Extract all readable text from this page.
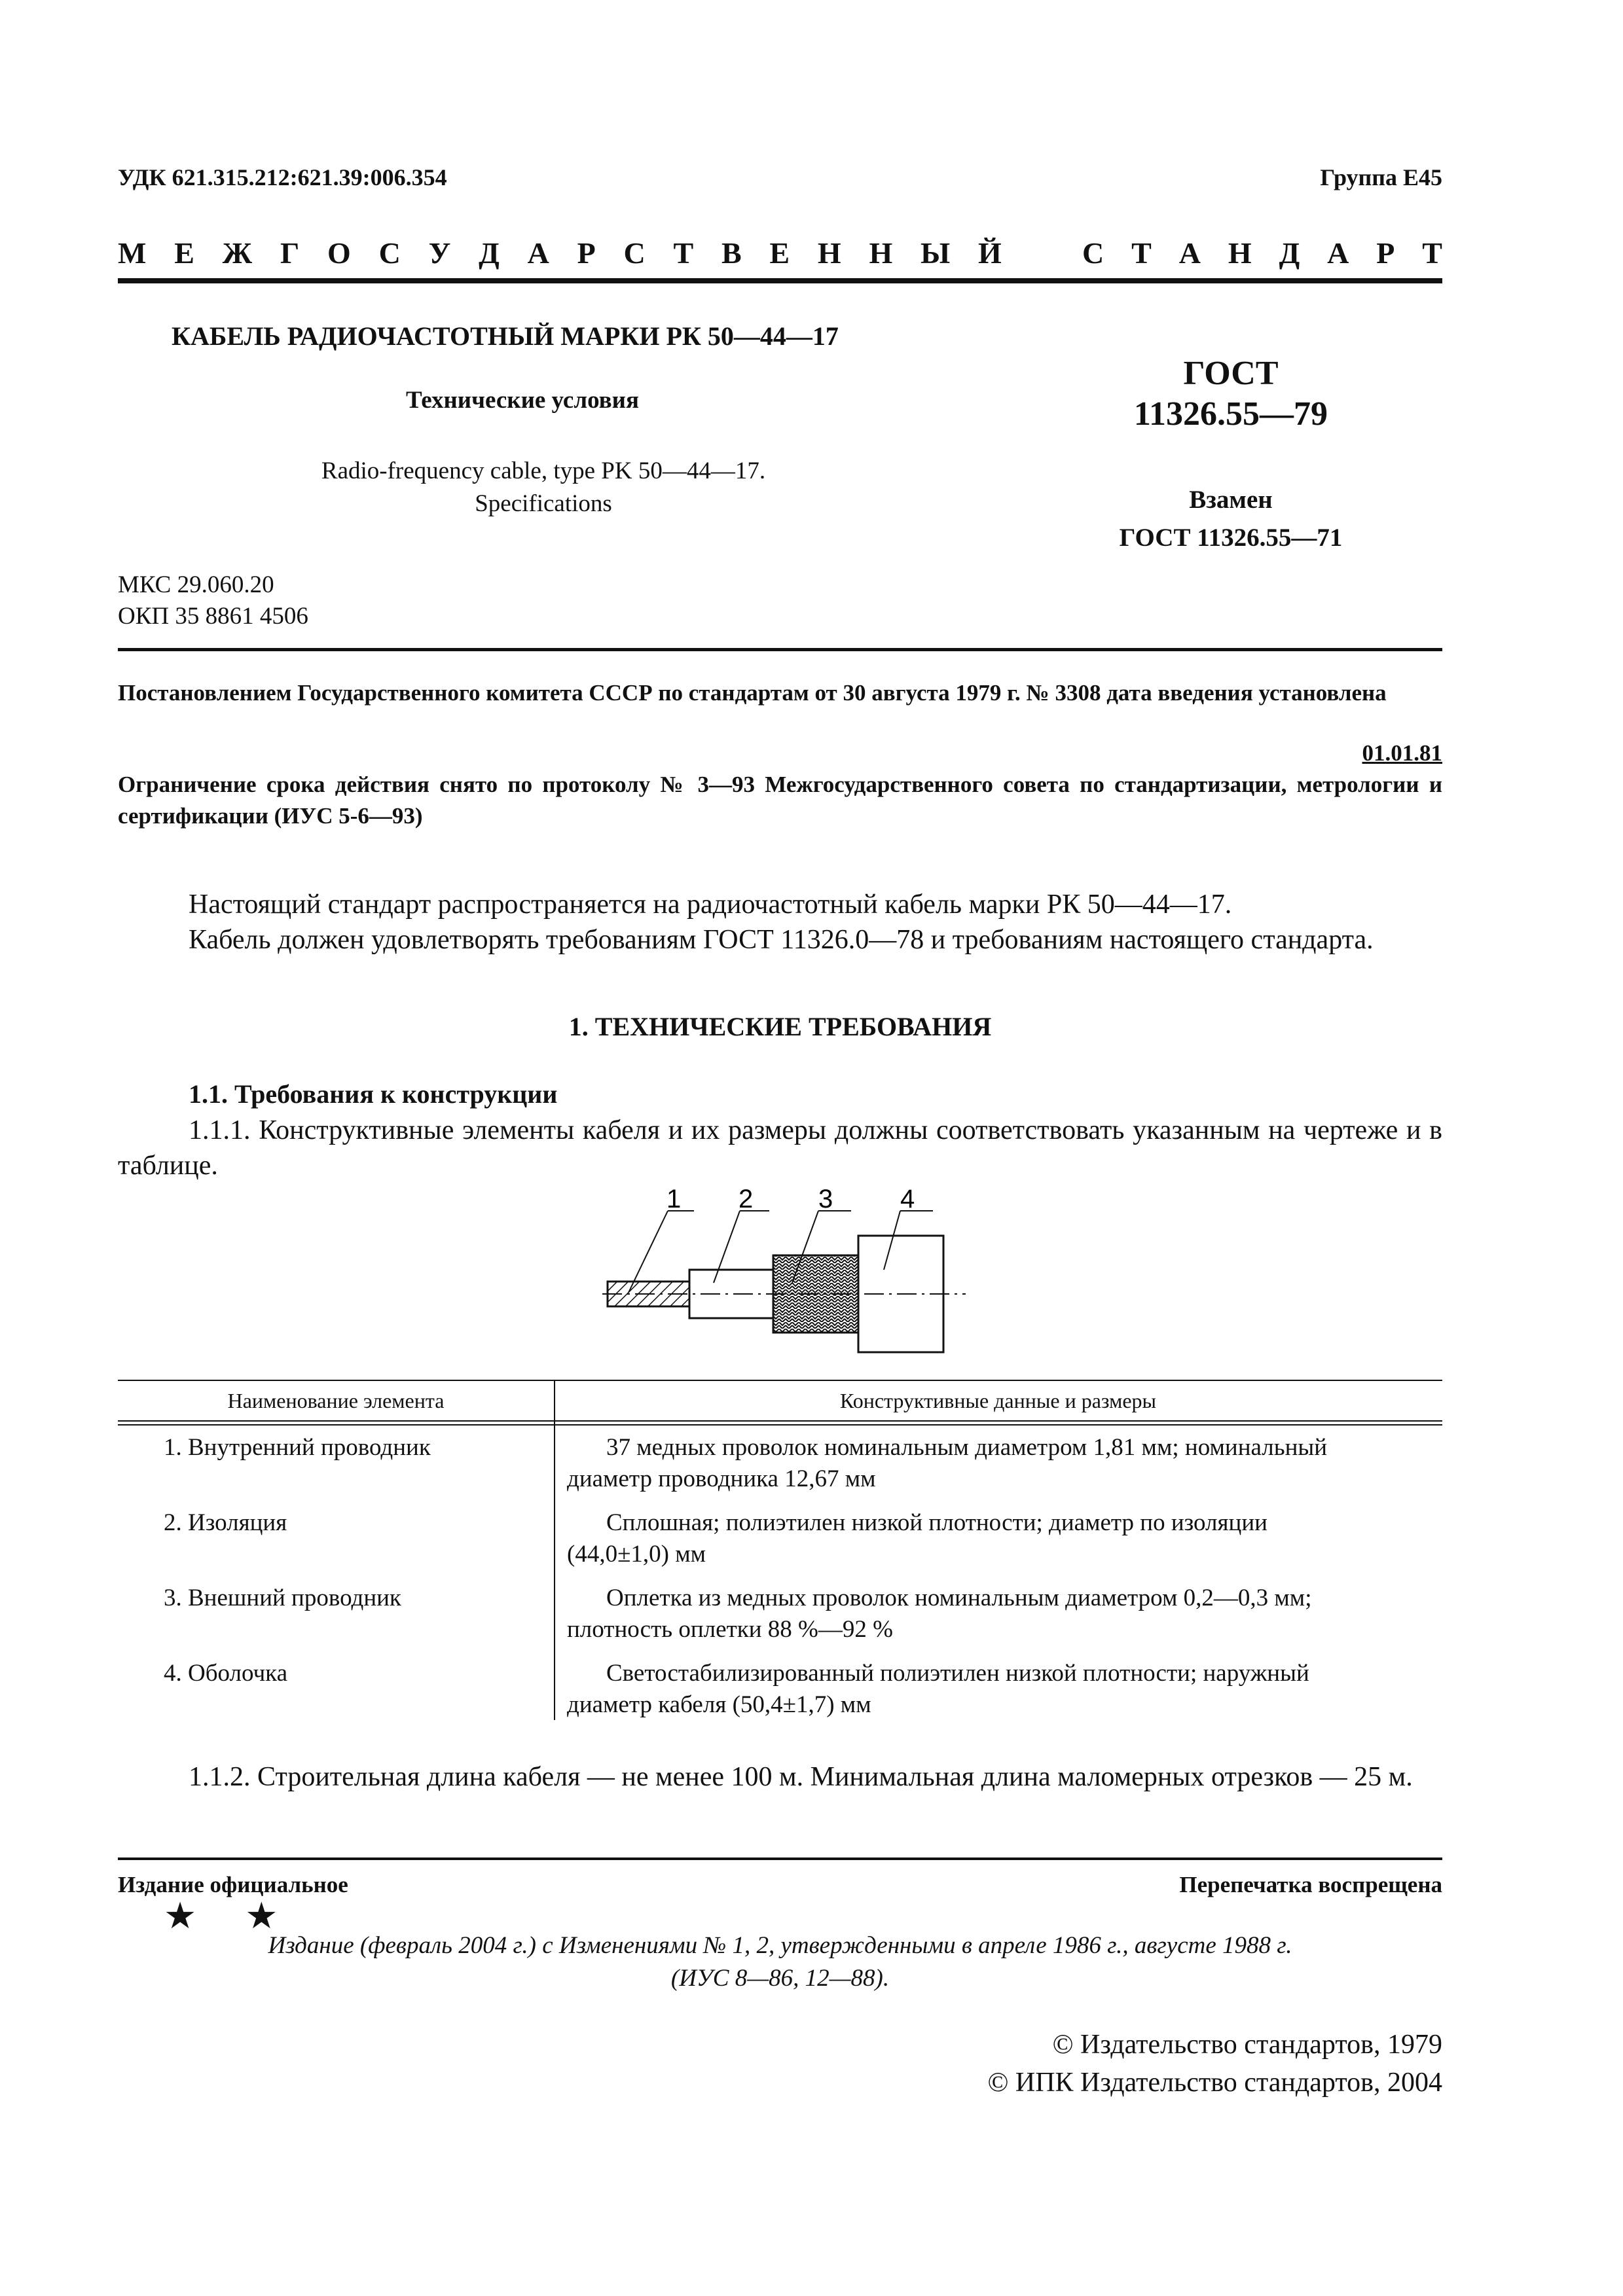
УДК 621.315.212:621.39:006.354	Группа Е45
М Е Ж Г О С У Д А Р С Т В Е Н Н Ы Й	С Т А Н Д А Р Т
КАБЕЛЬ РАДИОЧАСТОТНЫЙ МАРКИ РК 50—44—17
Технические условия
Radio-frequency cable, type PK 50—44—17.
Specifications
ГОСТ
11326.55—79
Взамен
ГОСТ 11326.55—71
МКС 29.060.20
ОКП 35 8861 4506
Постановлением Государственного комитета СССР по стандартам от 30 августа 1979 г. № 3308 дата введения установлена
01.01.81
Ограничение срока действия снято по протоколу № 3—93 Межгосударственного совета по стандартизации, метрологии и сертификации (ИУС 5-6—93)
Настоящий стандарт распространяется на радиочастотный кабель марки РК 50—44—17.
Кабель должен удовлетворять требованиям ГОСТ 11326.0—78 и требованиям настоящего стандарта.
1. ТЕХНИЧЕСКИЕ ТРЕБОВАНИЯ
1.1. Требования к конструкции
1.1.1. Конструктивные элементы кабеля и их размеры должны соответствовать указанным на чертеже и в таблице.
1 2 3	4
Наименование элемента	Конструктивные данные и размеры
1. Внутренний проводник	37 медных проволок номинальным диаметром 1,81 мм; номинальный
диаметр проводника 12,67 мм
2. Изоляция	Сплошная; полиэтилен низкой плотности; диаметр по изоляции
(44,0±1,0) мм
3. Внешний проводник	Оплетка из медных проволок номинальным диаметром 0,2—0,3 мм;
плотность оплетки 88 %—92 %
4. Оболочка	Светостабилизированный полиэтилен низкой плотности; наружный
диаметр кабеля (50,4±1,7) мм
1.1.2. Строительная длина кабеля — не менее 100 м. Минимальная длина маломерных отрезков — 25 м.
Издание официальное	Перепечатка воспрещена
★ ★
Издание (февраль 2004 г.) с Изменениями № 1, 2, утвержденными в апреле 1986 г., августе 1988 г.
(ИУС 8—86, 12—88).
© Издательство стандартов, 1979
© ИПК Издательство стандартов, 2004
